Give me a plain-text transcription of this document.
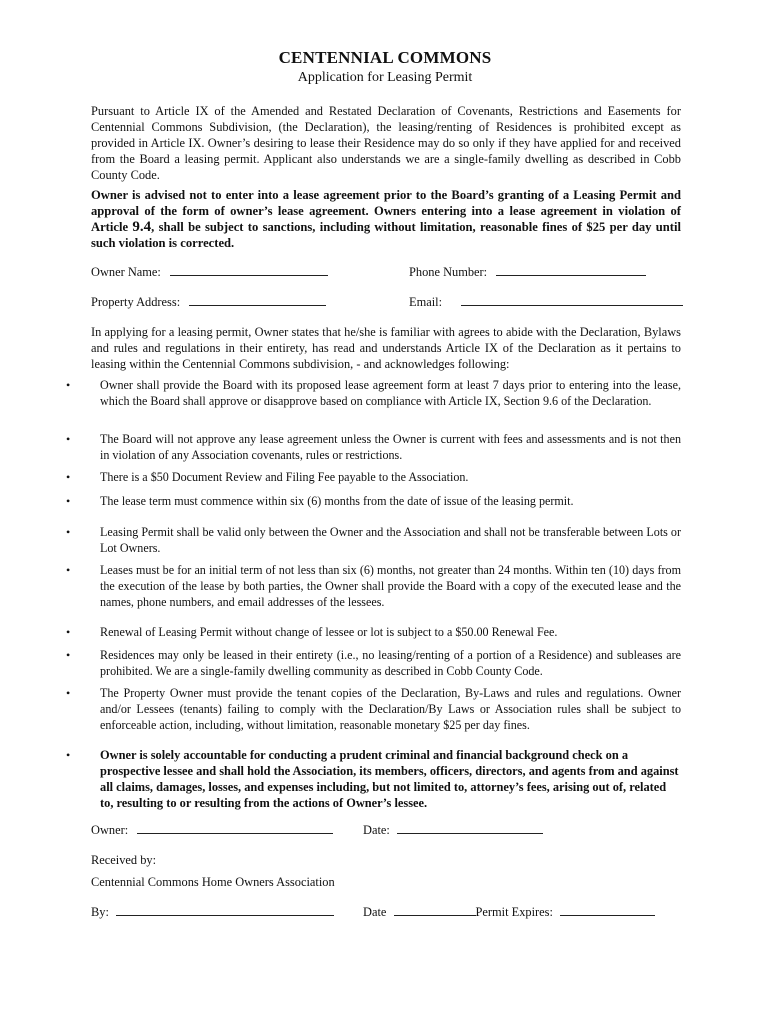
CENTENNIAL COMMONS
Application for Leasing Permit
Pursuant to Article IX of the Amended and Restated Declaration of Covenants, Restrictions and Easements for Centennial Commons Subdivision, (the Declaration), the leasing/renting of Residences is prohibited except as provided in Article IX. Owner’s desiring to lease their Residence may do so only if they have applied for and received from the Board a leasing permit. Applicant also understands we are a single-family dwelling as described in Cobb County Code.
Owner is advised not to enter into a lease agreement prior to the Board’s granting of a Leasing Permit and approval of the form of owner’s lease agreement. Owners entering into a lease agreement in violation of Article 9.4, shall be subject to sanctions, including without limitation, reasonable fines of $25 per day until such violation is corrected.
Owner Name:	Phone Number:
Property Address:	Email:
In applying for a leasing permit, Owner states that he/she is familiar with agrees to abide with the Declaration, Bylaws and rules and regulations in their entirety, has read and understands Article IX of the Declaration as it pertains to leasing within the Centennial Commons subdivision, - and acknowledges following:
• Owner shall provide the Board with its proposed lease agreement form at least 7 days prior to entering into the lease, which the Board shall approve or disapprove based on compliance with Article IX, Section 9.6 of the Declaration.
• The Board will not approve any lease agreement unless the Owner is current with fees and assessments and is not then in violation of any Association covenants, rules or restrictions.
• There is a $50 Document Review and Filing Fee payable to the Association.
• The lease term must commence within six (6) months from the date of issue of the leasing permit.
• Leasing Permit shall be valid only between the Owner and the Association and shall not be transferable between Lots or Lot Owners.
• Leases must be for an initial term of not less than six (6) months, not greater than 24 months. Within ten (10) days from the execution of the lease by both parties, the Owner shall provide the Board with a copy of the executed lease and the names, phone numbers, and email addresses of the lessees.
• Renewal of Leasing Permit without change of lessee or lot is subject to a $50.00 Renewal Fee.
• Residences may only be leased in their entirety (i.e., no leasing/renting of a portion of a Residence) and subleases are prohibited. We are a single-family dwelling community as described in Cobb County Code.
• The Property Owner must provide the tenant copies of the Declaration, By-Laws and rules and regulations. Owner and/or Lessees (tenants) failing to comply with the Declaration/By Laws or Association rules shall be subject to enforceable action, including, without limitation, reasonable monetary $25 per day fines.
• Owner is solely accountable for conducting a prudent criminal and financial background check on a prospective lessee and shall hold the Association, its members, officers, directors, and agents from and against all claims, damages, losses, and expenses including, but not limited to, attorney’s fees, arising out of, related to, resulting to or resulting from the actions of Owner’s lessee.
Owner:	Date:
Received by:
Centennial Commons Home Owners Association
By:	Date	Permit Expires:
